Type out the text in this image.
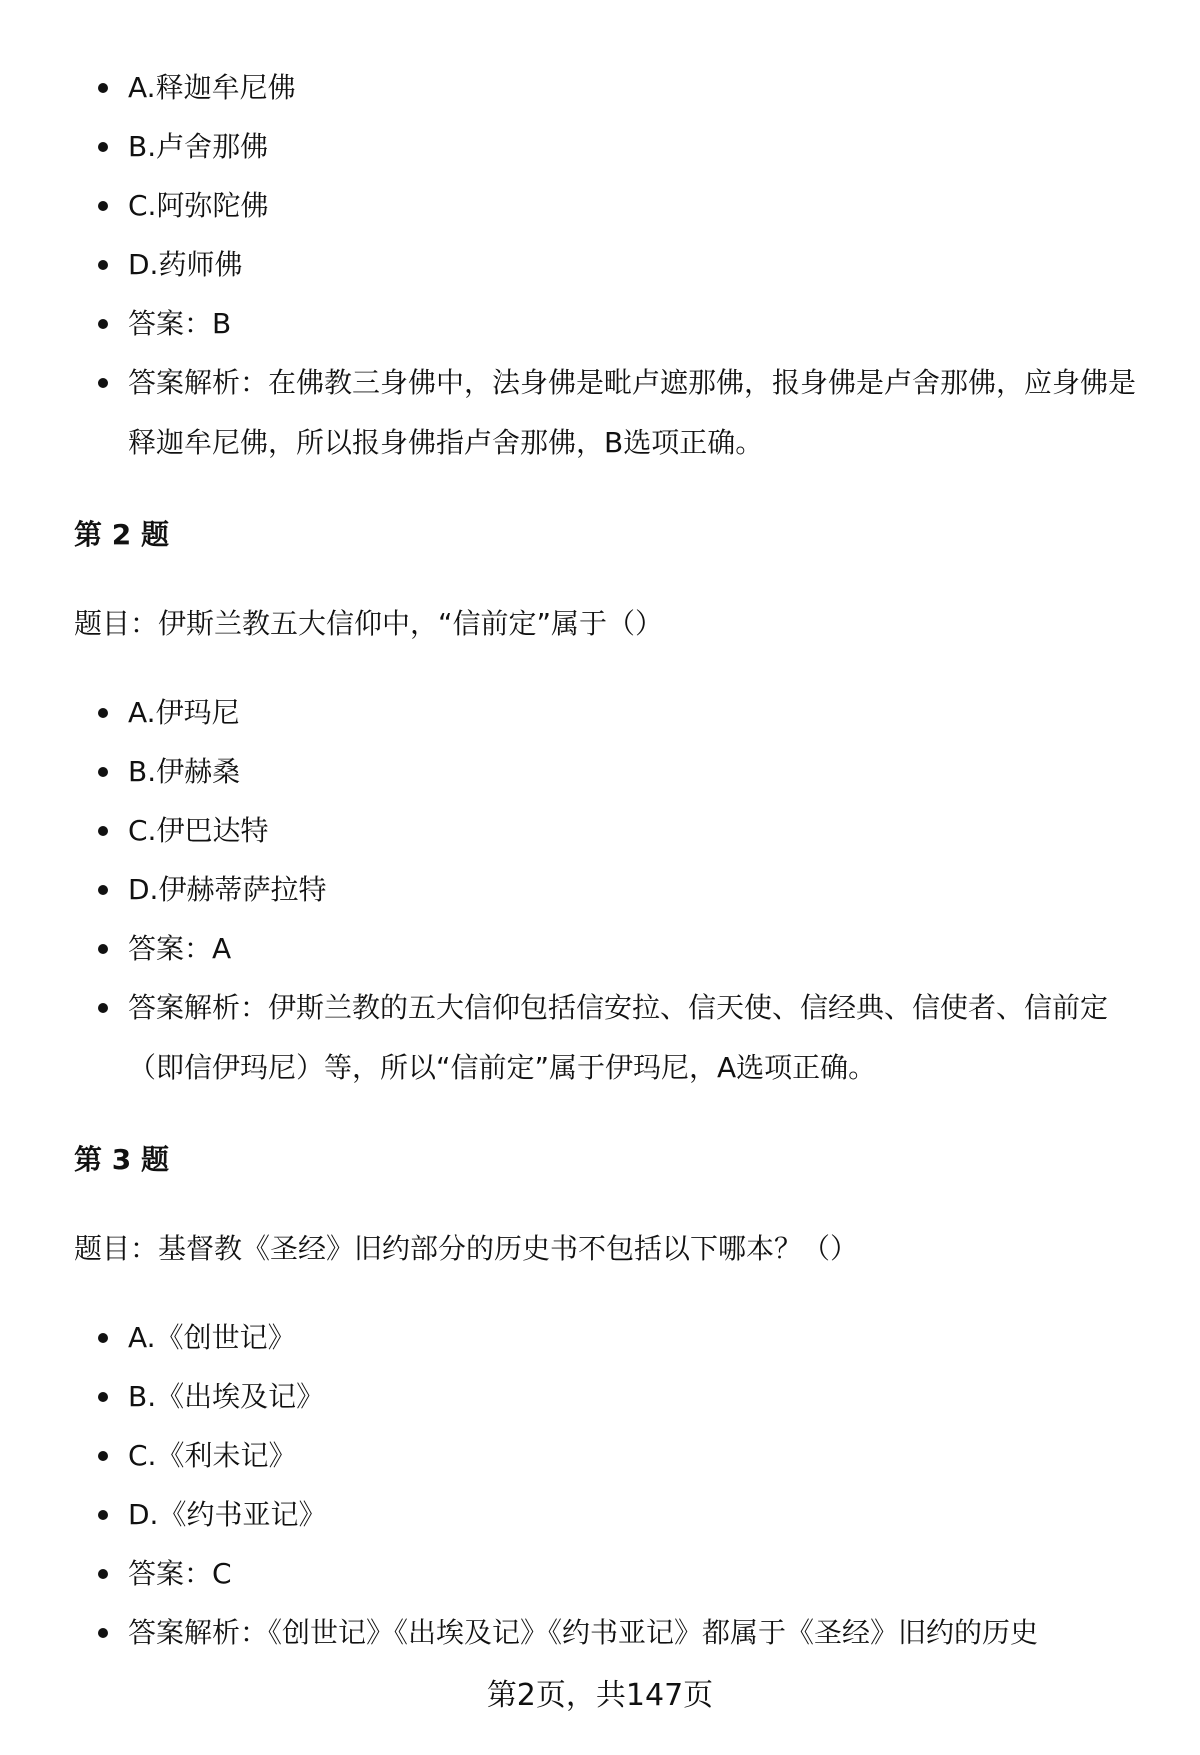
A.释迦牟尼佛
B.卢舍那佛
C.阿弥陀佛
D.药师佛
答案：B
答案解析：在佛教三身佛中，法身佛是毗卢遮那佛，报身佛是卢舍那佛，应身佛是释迦牟尼佛，所以报身佛指卢舍那佛，B选项正确。
第 2 题
题目：伊斯兰教五大信仰中，“信前定”属于（）
A.伊玛尼
B.伊赫桑
C.伊巴达特
D.伊赫蒂萨拉特
答案：A
答案解析：伊斯兰教的五大信仰包括信安拉、信天使、信经典、信使者、信前定（即信伊玛尼）等，所以“信前定”属于伊玛尼，A选项正确。
第 3 题
题目：基督教《圣经》旧约部分的历史书不包括以下哪本？（）
A.《创世记》
B.《出埃及记》
C.《利未记》
D.《约书亚记》
答案：C
答案解析：《创世记》《出埃及记》《约书亚记》都属于《圣经》旧约的历史
第2页，共147页
